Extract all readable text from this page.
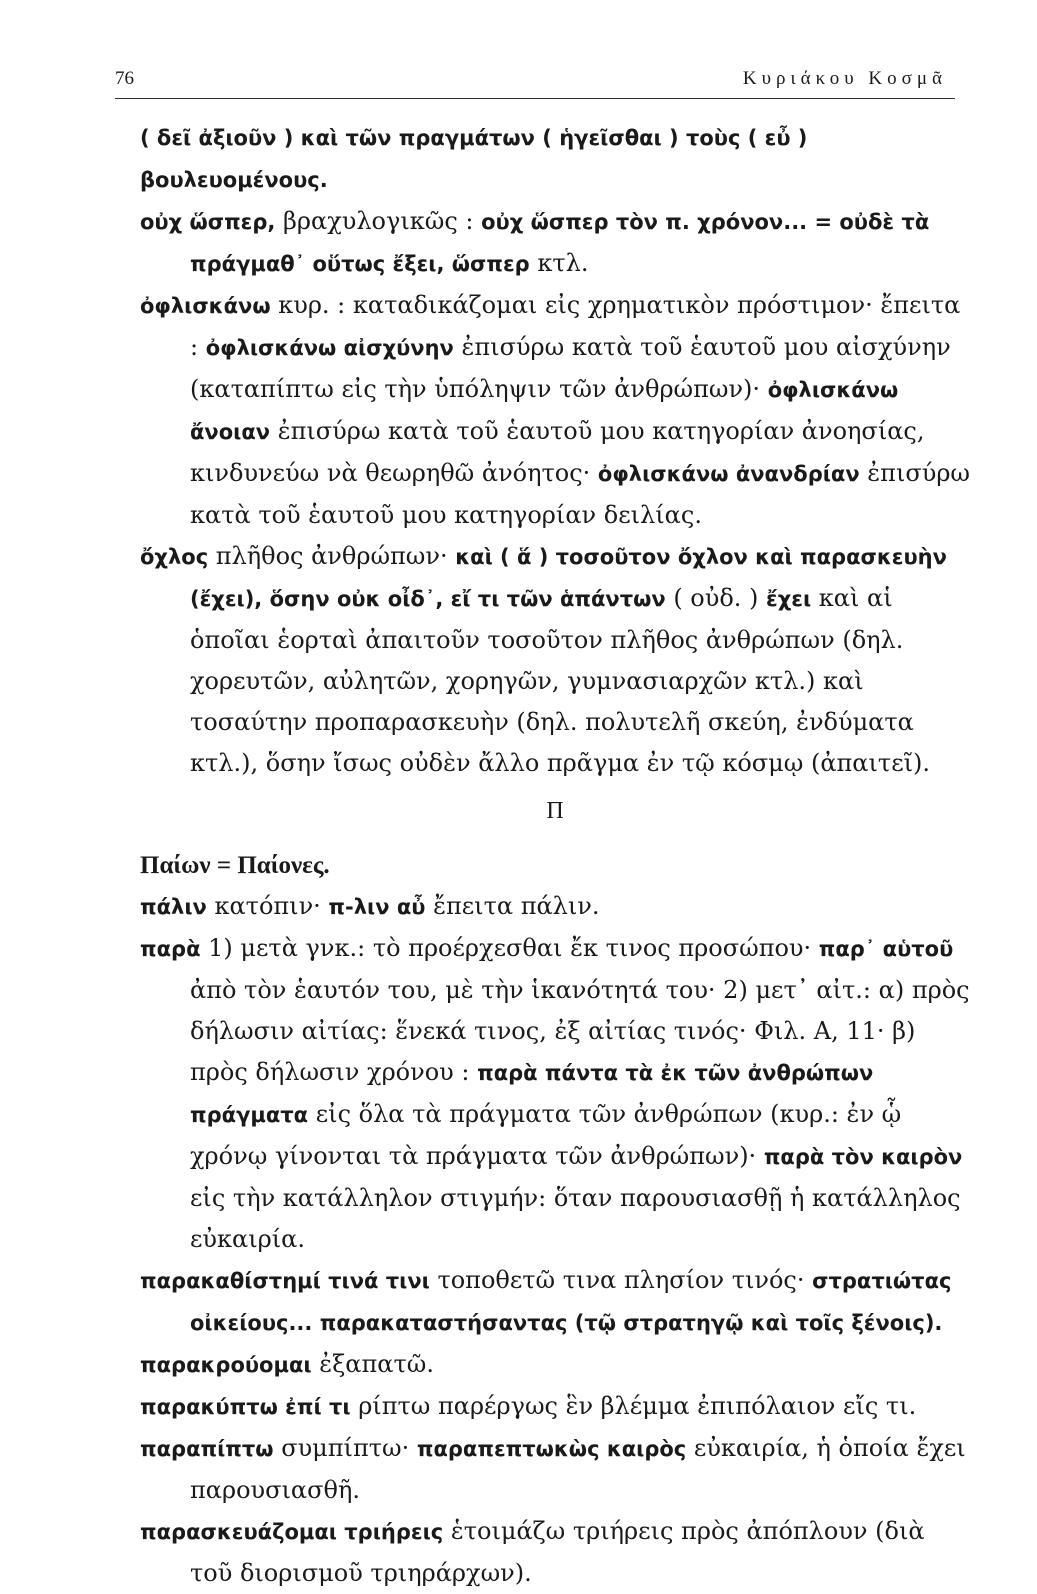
76	Κυριάκου Κοσμᾶ

( δεῖ ἀξιοῦν ) καὶ τῶν πραγμάτων ( ἡγεῖσθαι ) τοὺς ( εὖ ) βουλευομένους.

οὐχ ὥσπερ, βραχυλογικῶς : οὐχ ὥσπερ τὸν π. χρόνον... = οὐδὲ τὰ πράγμαθ᾽ οὕτως ἔξει, ὥσπερ κτλ.

ὀφλισκάνω κυρ. : καταδικάζομαι εἰς χρηματικὸν πρόστιμον· ἔπειτα : ὀφλισκάνω αἰσχύνην ἐπισύρω κατὰ τοῦ ἑαυτοῦ μου αἰσχύνην (καταπίπτω εἰς τὴν ὑπόληψιν τῶν ἀνθρώπων)· ὀφλισκάνω ἄνοιαν ἐπισύρω κατὰ τοῦ ἑαυτοῦ μου κατηγορίαν ἀνοησίας, κινδυνεύω νὰ θεωρηθῶ ἀνόητος· ὀφλισκάνω ἀνανδρίαν ἐπισύρω κατὰ τοῦ ἑαυτοῦ μου κατηγορίαν δειλίας.

ὄχλος πλῆθος ἀνθρώπων· καὶ ( ἅ ) τοσοῦτον ὄχλον καὶ παρασκευὴν (ἔχει), ὅσην οὐκ οἶδ᾽, εἴ τι τῶν ἁπάντων ( οὐδ. ) ἔχει καὶ αἱ ὁποῖαι ἑορταὶ ἀπαιτοῦν τοσοῦτον πλῆθος ἀνθρώπων (δηλ. χορευτῶν, αὐλητῶν, χορηγῶν, γυμνασιαρχῶν κτλ.) καὶ τοσαύτην προπαρασκευὴν (δηλ. πολυτελῆ σκεύη, ἐνδύματα κτλ.), ὅσην ἴσως οὐδὲν ἄλλο πρᾶγμα ἐν τῷ κόσμῳ (ἀπαιτεῖ).

Π

Παίων = Παίονες.

πάλιν κατόπιν· π-λιν αὖ ἔπειτα πάλιν.

παρὰ 1) μετὰ γνκ.: τὸ προέρχεσθαι ἔκ τινος προσώπου· παρ᾽ αὑτοῦ ἀπὸ τὸν ἑαυτόν του, μὲ τὴν ἱκανότητά του· 2) μετ᾽ αἰτ.: α) πρὸς δήλωσιν αἰτίας: ἕνεκά τινος, ἐξ αἰτίας τινός· Φιλ. Α, 11· β) πρὸς δήλωσιν χρόνου : παρὰ πάντα τὰ ἐκ τῶν ἀνθρώπων πράγματα εἰς ὅλα τὰ πράγματα τῶν ἀνθρώπων (κυρ.: ἐν ᾧ χρόνῳ γίνονται τὰ πράγματα τῶν ἀνθρώπων)· παρὰ τὸν καιρὸν εἰς τὴν κατάλληλον στιγμήν: ὅταν παρουσιασθῇ ἡ κατάλληλος εὐκαιρία.

παρακαθίστημί τινά τινι τοποθετῶ τινα πλησίον τινός· στρατιώτας οἰκείους... παρακαταστήσαντας (τῷ στρατηγῷ καὶ τοῖς ξένοις).

παρακρούομαι ἐξαπατῶ.

παρακύπτω ἐπί τι ρίπτω παρέργως ἓν βλέμμα ἐπιπόλαιον εἴς τι.

παραπίπτω συμπίπτω· παραπεπτωκὼς καιρὸς εὐκαιρία, ἡ ὁποία ἔχει παρουσιασθῆ.

παρασκευάζομαι τριήρεις ἑτοιμάζω τριήρεις πρὸς ἀπόπλουν (διὰ τοῦ διορισμοῦ τριηράρχων).
